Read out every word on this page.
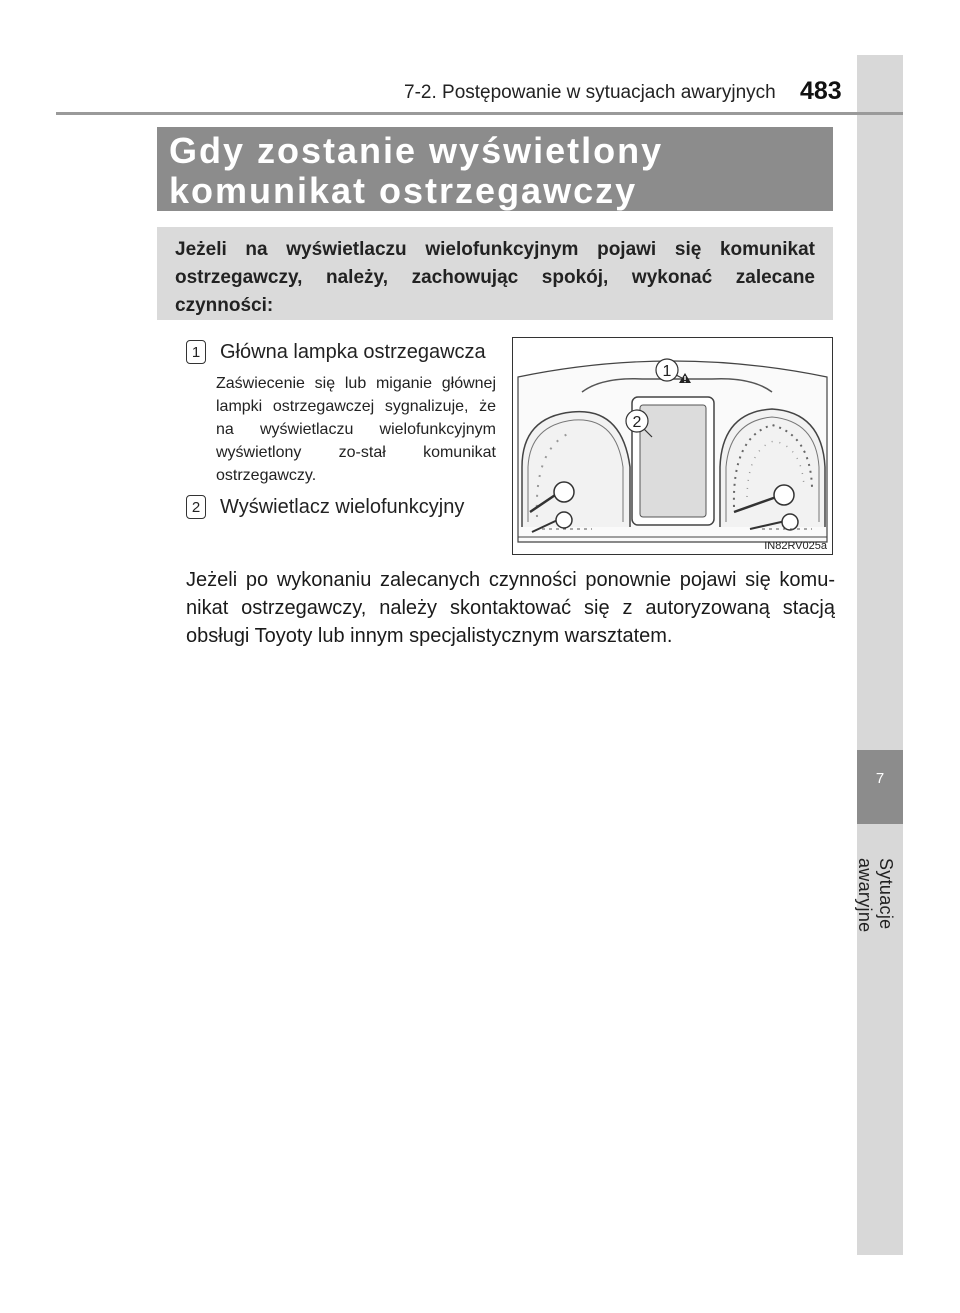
7
Sytuacje awaryjne
7-2. Postępowanie w sytuacjach awaryjnych 483
Gdy zostanie wyświetlony komunikat ostrzegawczy
Jeżeli na wyświetlaczu wielofunkcyjnym pojawi się komunikat ostrzegawczy, należy, zachowując spokój, wykonać zalecane czynności:
1 Główna lampka ostrzegawcza

Zaświecenie się lub miganie głównej lampki ostrzegawczej sygnalizuje, że na wyświetlaczu wielofunkcyjnym wyświetlony zo-stał komunikat ostrzegawczy.

2 Wyświetlacz wielofunkcyjny
1
2
IN82RV025a
Jeżeli po wykonaniu zalecanych czynności ponownie pojawi się komu-nikat ostrzegawczy, należy skontaktować się z autoryzowaną stacją obsługi Toyoty lub innym specjalistycznym warsztatem.
